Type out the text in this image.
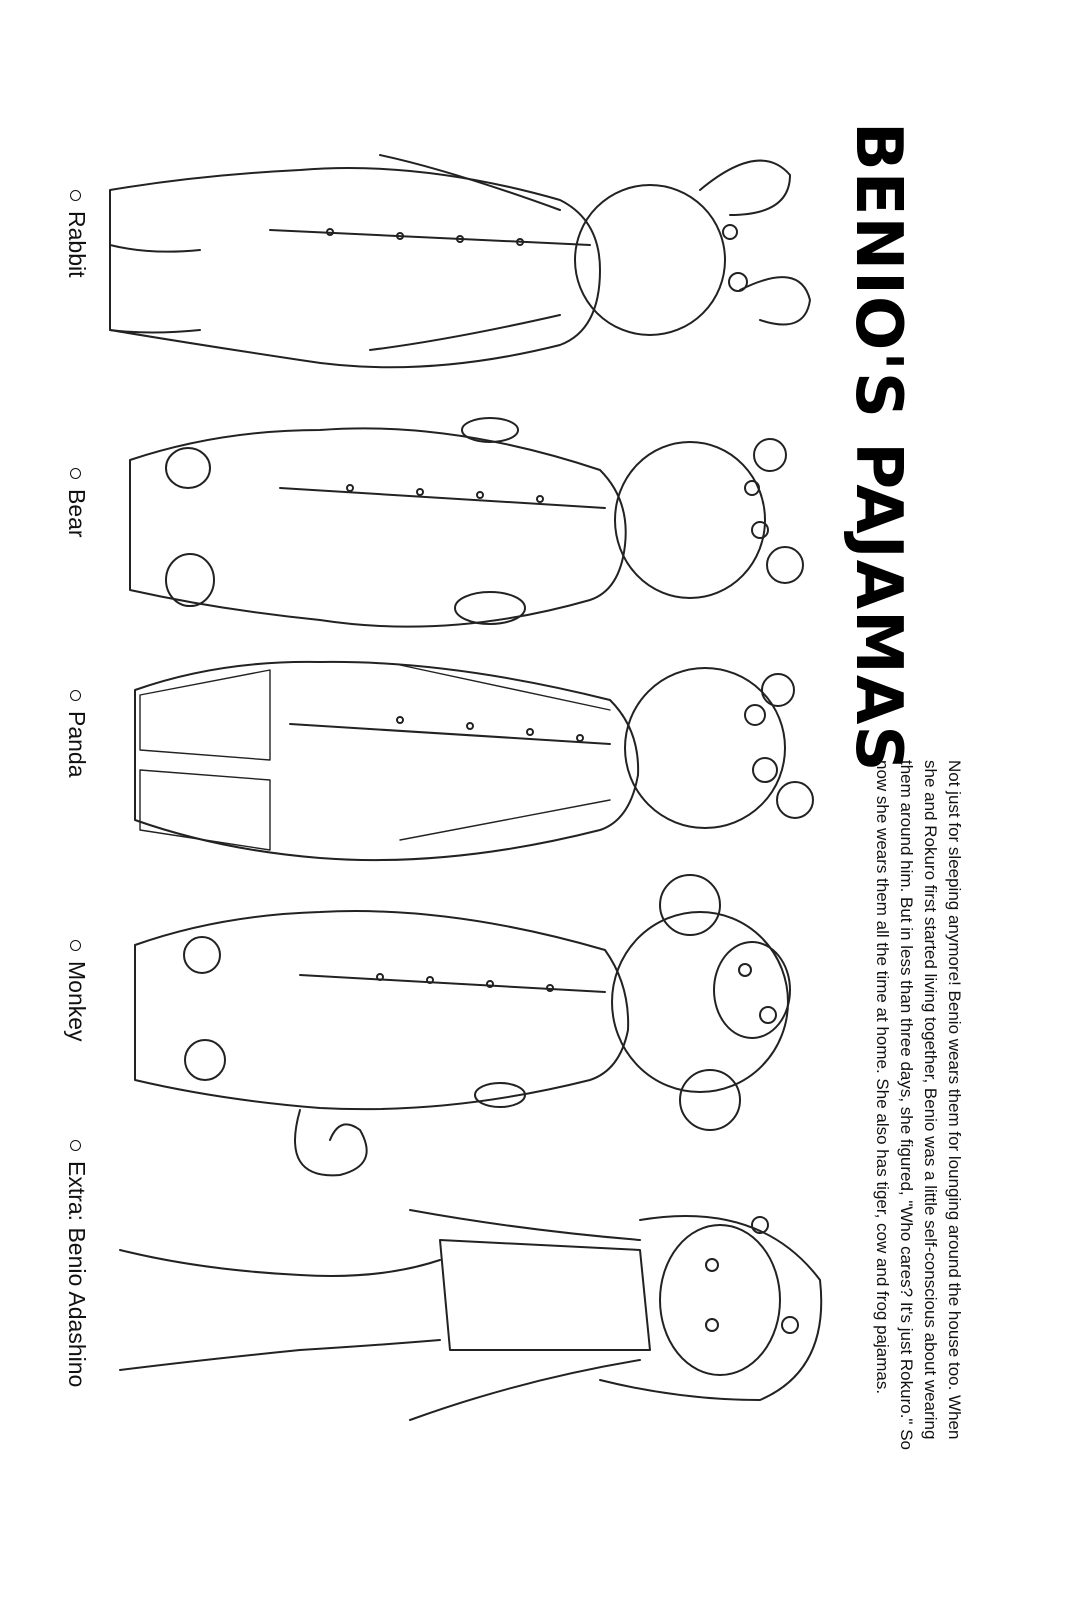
BENIO'S PAJAMAS

Not just for sleeping anymore! Benio wears them for lounging around the house too. When she and Rokuro first started living together, Benio was a little self-conscious about wearing them around him. But in less than three days, she figured, "Who cares? It's just Rokuro." So now she wears them all the time at home. She also has tiger, cow and frog pajamas.

Rabbit
Bear
Panda
Monkey
Extra: Benio Adashino
